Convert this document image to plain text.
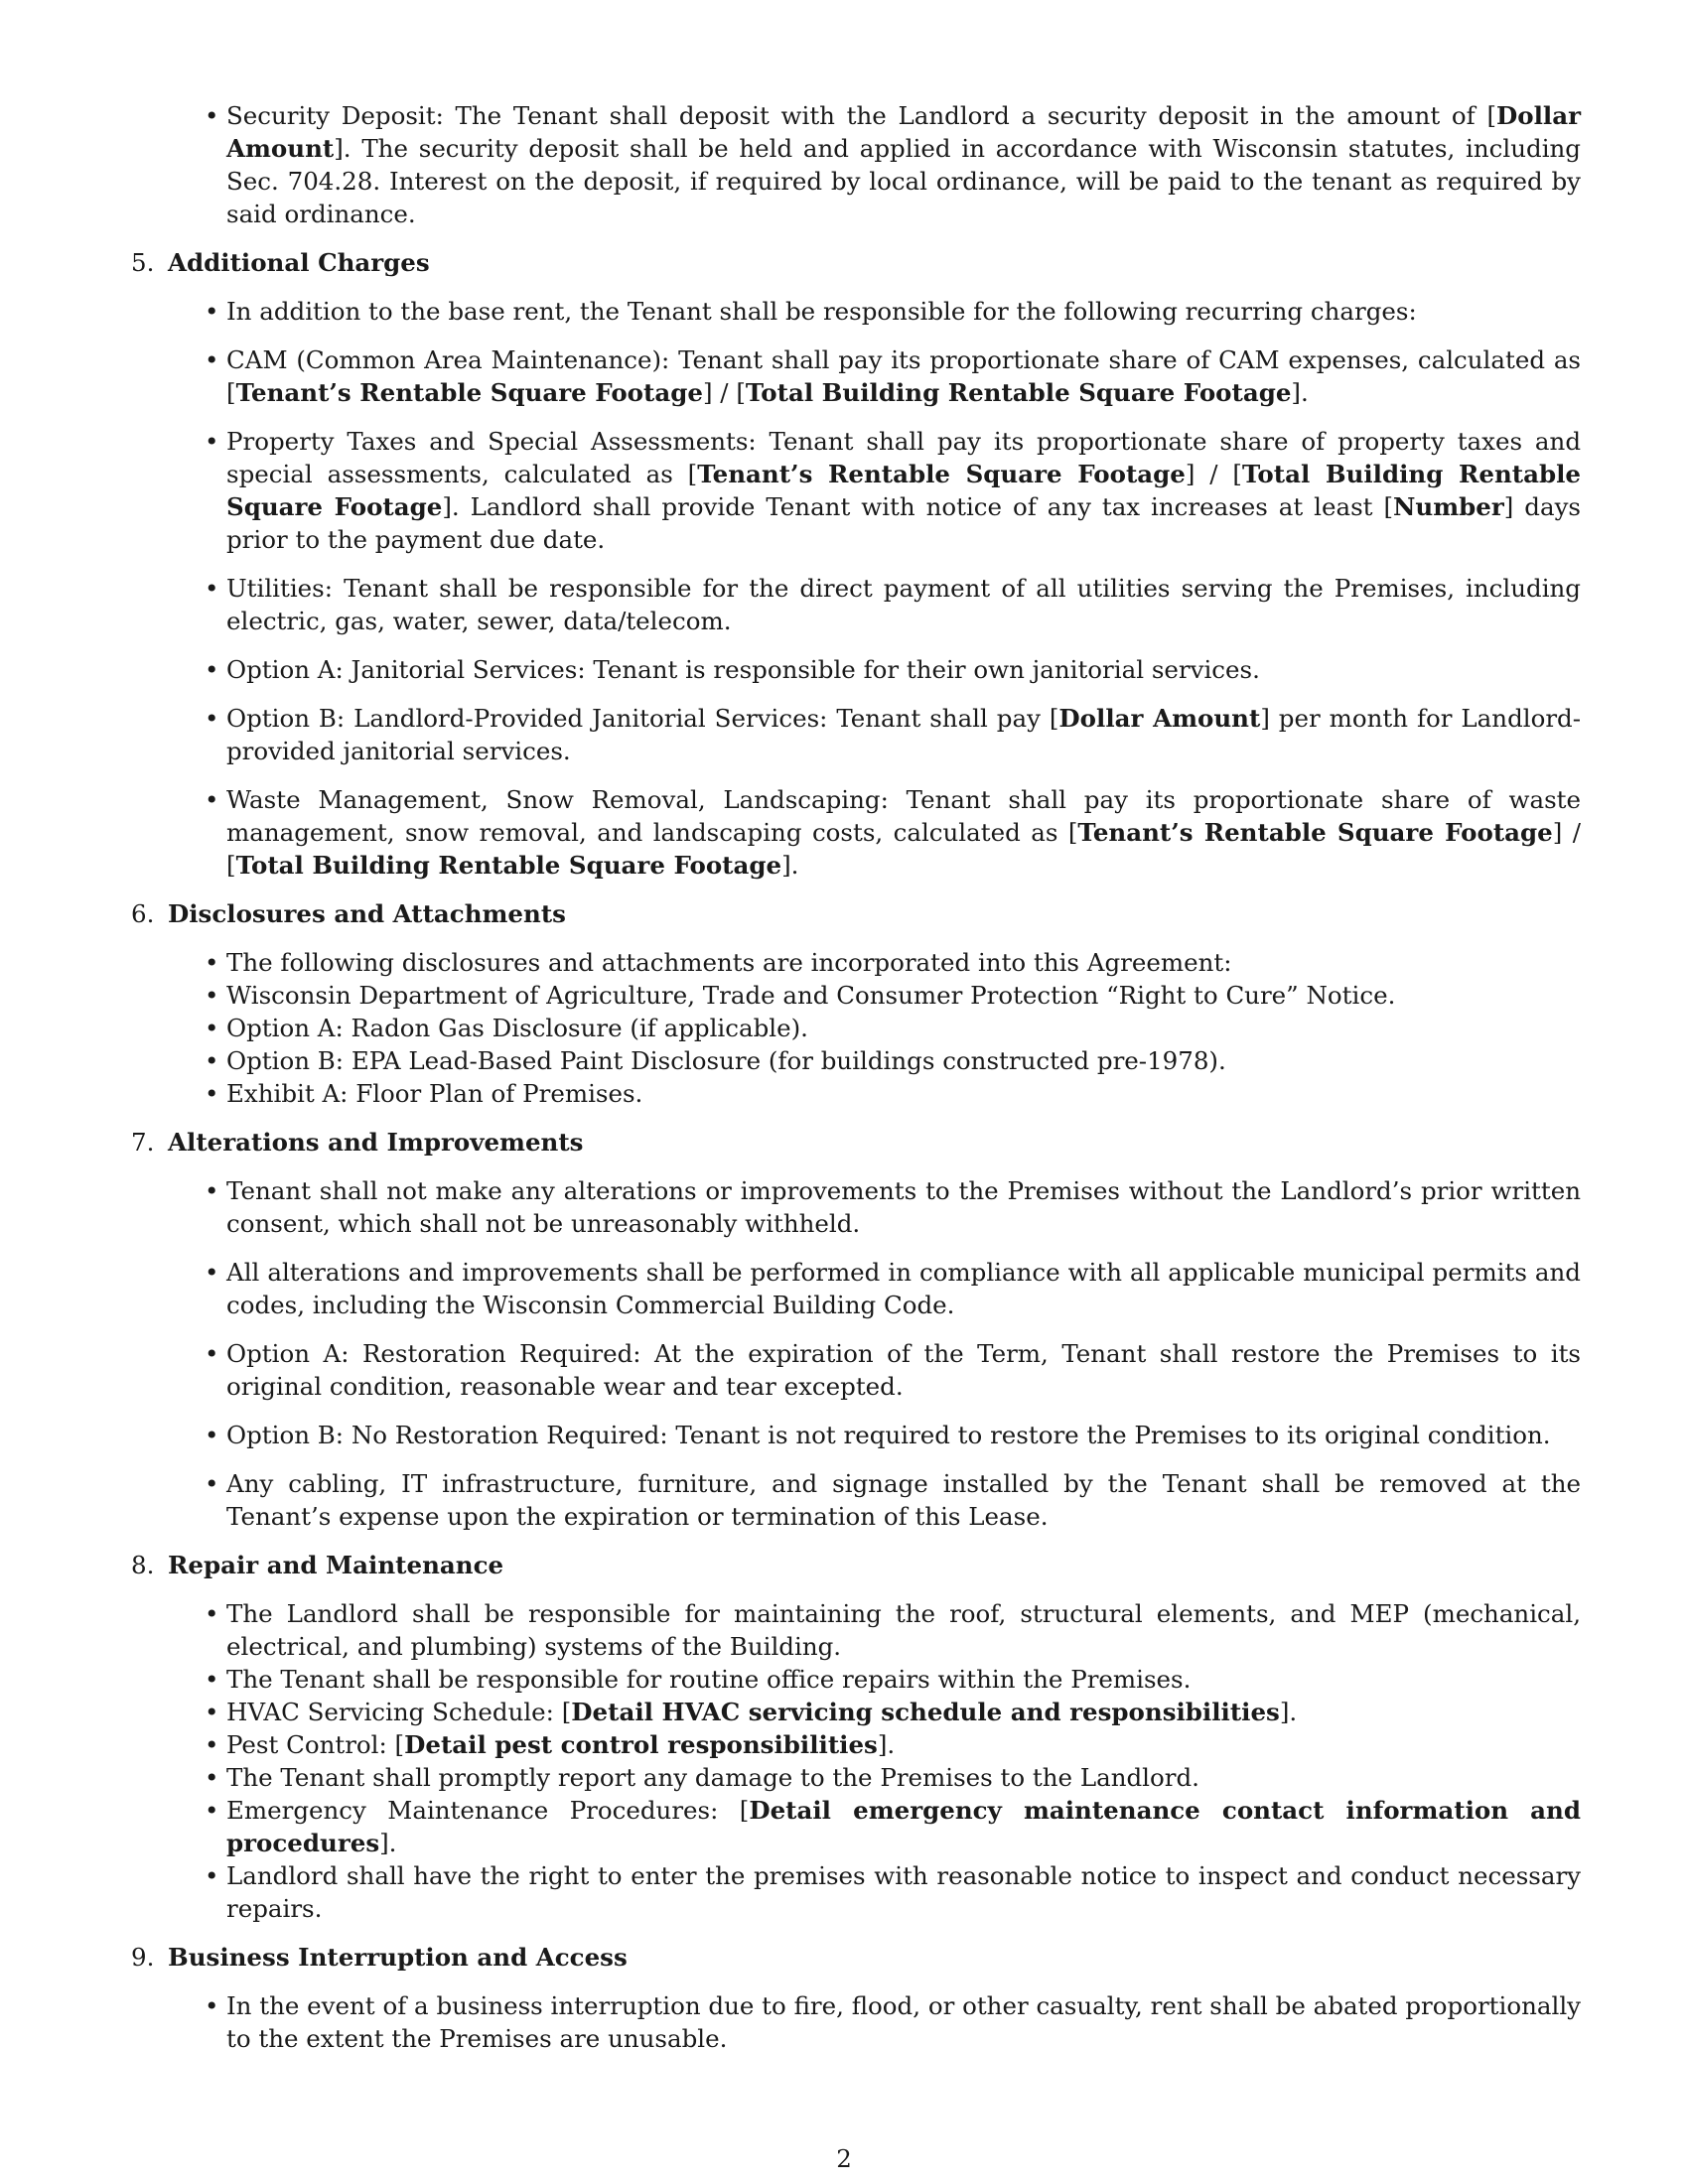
• Security Deposit: The Tenant shall deposit with the Landlord a security deposit in the amount of [Dollar Amount]. The security deposit shall be held and applied in accordance with Wisconsin statutes, including Sec. 704.28. Interest on the deposit, if required by local ordinance, will be paid to the tenant as required by said ordinance.
5. Additional Charges
• In addition to the base rent, the Tenant shall be responsible for the following recurring charges:
• CAM (Common Area Maintenance): Tenant shall pay its proportionate share of CAM expenses, calculated as [Tenant’s Rentable Square Footage] / [Total Building Rentable Square Footage].
• Property Taxes and Special Assessments: Tenant shall pay its proportionate share of property taxes and special assessments, calculated as [Tenant’s Rentable Square Footage] / [Total Building Rentable Square Footage]. Landlord shall provide Tenant with notice of any tax increases at least [Number] days prior to the payment due date.
• Utilities: Tenant shall be responsible for the direct payment of all utilities serving the Premises, including electric, gas, water, sewer, data/telecom.
• Option A: Janitorial Services: Tenant is responsible for their own janitorial services.
• Option B: Landlord-Provided Janitorial Services: Tenant shall pay [Dollar Amount] per month for Landlord-provided janitorial services.
• Waste Management, Snow Removal, Landscaping: Tenant shall pay its proportionate share of waste management, snow removal, and landscaping costs, calculated as [Tenant’s Rentable Square Footage] / [Total Building Rentable Square Footage].
6. Disclosures and Attachments
• The following disclosures and attachments are incorporated into this Agreement:
• Wisconsin Department of Agriculture, Trade and Consumer Protection “Right to Cure” Notice.
• Option A: Radon Gas Disclosure (if applicable).
• Option B: EPA Lead-Based Paint Disclosure (for buildings constructed pre-1978).
• Exhibit A: Floor Plan of Premises.
7. Alterations and Improvements
• Tenant shall not make any alterations or improvements to the Premises without the Landlord’s prior written consent, which shall not be unreasonably withheld.
• All alterations and improvements shall be performed in compliance with all applicable municipal permits and codes, including the Wisconsin Commercial Building Code.
• Option A: Restoration Required: At the expiration of the Term, Tenant shall restore the Premises to its original condition, reasonable wear and tear excepted.
• Option B: No Restoration Required: Tenant is not required to restore the Premises to its original condition.
• Any cabling, IT infrastructure, furniture, and signage installed by the Tenant shall be removed at the Tenant’s expense upon the expiration or termination of this Lease.
8. Repair and Maintenance
• The Landlord shall be responsible for maintaining the roof, structural elements, and MEP (mechanical, electrical, and plumbing) systems of the Building.
• The Tenant shall be responsible for routine office repairs within the Premises.
• HVAC Servicing Schedule: [Detail HVAC servicing schedule and responsibilities].
• Pest Control: [Detail pest control responsibilities].
• The Tenant shall promptly report any damage to the Premises to the Landlord.
• Emergency Maintenance Procedures: [Detail emergency maintenance contact information and procedures].
• Landlord shall have the right to enter the premises with reasonable notice to inspect and conduct necessary repairs.
9. Business Interruption and Access
• In the event of a business interruption due to fire, flood, or other casualty, rent shall be abated proportionally to the extent the Premises are unusable.
2
